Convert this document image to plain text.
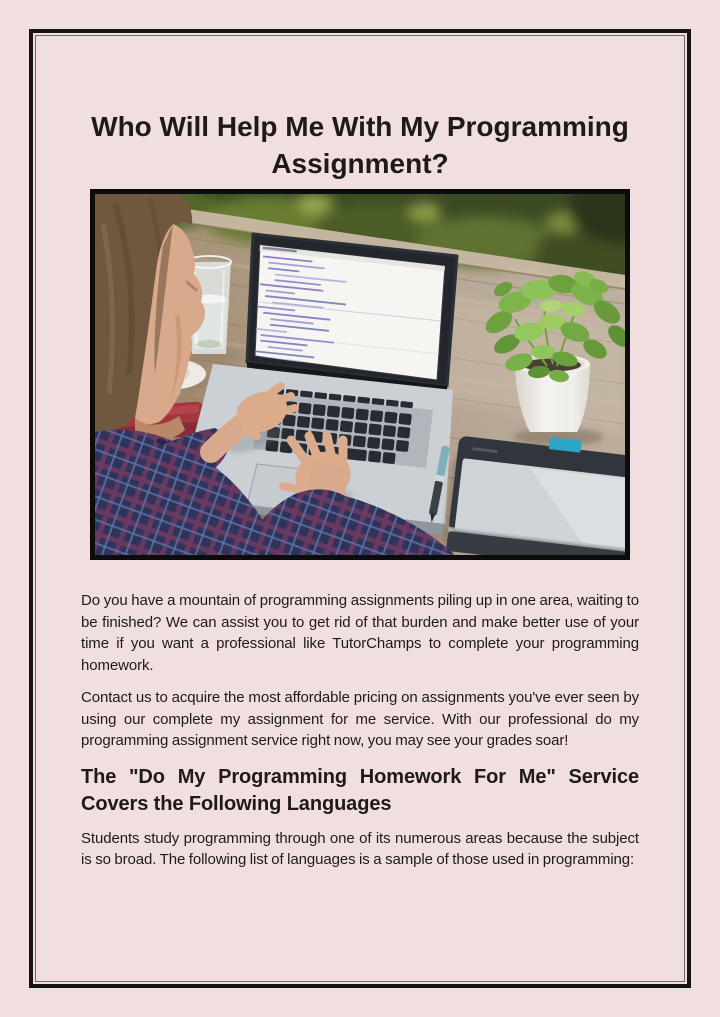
Who Will Help Me With My Programming Assignment?

Do you have a mountain of programming assignments piling up in one area, waiting to be finished? We can assist you to get rid of that burden and make better use of your time if you want a professional like TutorChamps to complete your programming homework.

Contact us to acquire the most affordable pricing on assignments you've ever seen by using our complete my assignment for me service. With our professional do my programming assignment service right now, you may see your grades soar!

The "Do My Programming Homework For Me" Service Covers the Following Languages

Students study programming through one of its numerous areas because the subject is so broad. The following list of languages is a sample of those used in programming:
